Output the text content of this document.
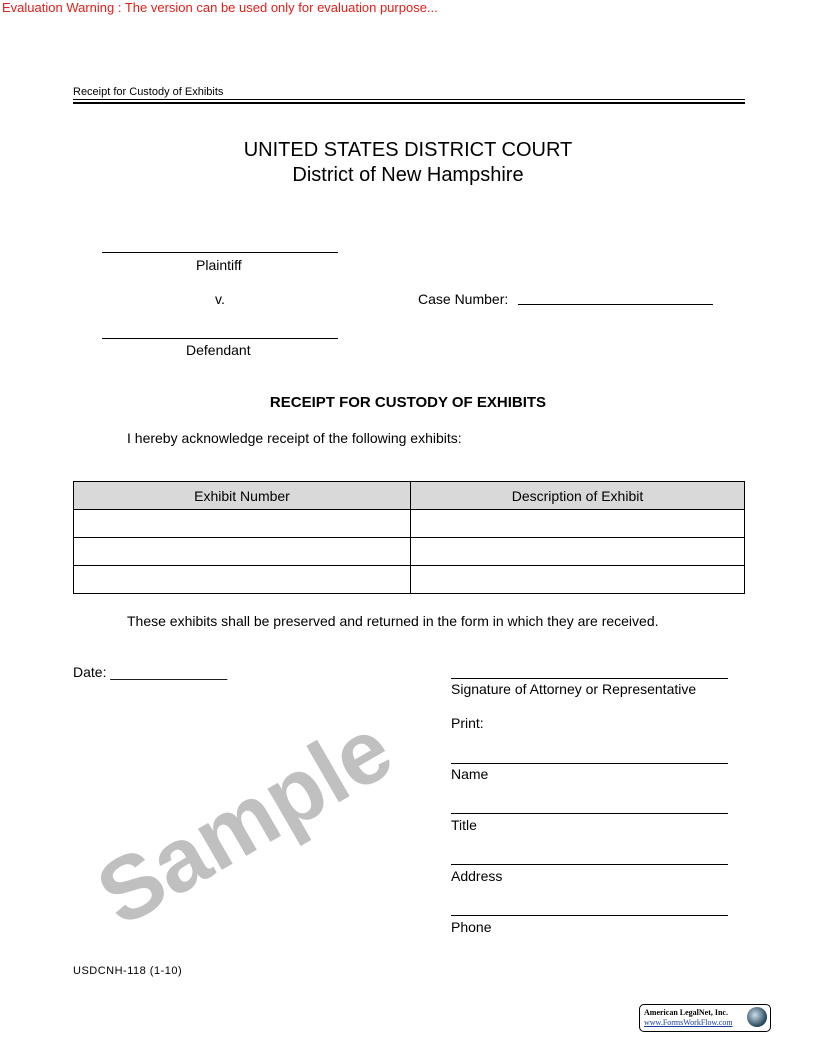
Evaluation Warning : The version can be used only for evaluation purpose...
Receipt for Custody of Exhibits
UNITED STATES DISTRICT COURT
District of New Hampshire
Plaintiff
v.	Case Number:
Defendant
RECEIPT FOR CUSTODY OF EXHIBITS
I hereby acknowledge receipt of the following exhibits:
Exhibit Number	Description of Exhibit

Sample
These exhibits shall be preserved and returned in the form in which they are received.
Date: _______________
Signature of Attorney or Representative
Print:
Name
Title
Address
Phone
USDCNH-118 (1-10)
American LegalNet, Inc.
www.FormsWorkFlow.com
